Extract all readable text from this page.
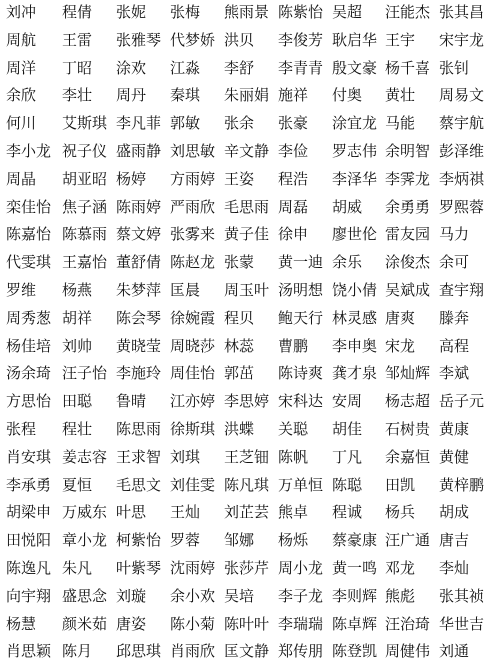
刘冲 程倩 张妮 张梅 熊雨景 陈紫怡 吴超 汪能杰 张其昌
周航 王雷 张雅琴 代梦娇 洪贝 李俊芳 耿启华 王宇 宋宇龙
周洋 丁昭 涂欢 江淼 李舒 李青青 殷文豪 杨千喜 张钊
余欣 李壮 周丹 秦琪 朱丽娟 施祥 付奥 黄壮 周易文
何川 艾斯琪 李凡菲 郭敏 张余 张豪 涂宜龙 马能 蔡宇航
李小龙 祝子仪 盛雨静 刘思敏 辛文静 李俭 罗志伟 余明智 彭泽维
周晶 胡亚昭 杨婷 方雨婷 王姿 程浩 李泽华 李霁龙 李炳祺
栾佳怡 焦子涵 陈雨婷 严雨欣 毛思雨 周磊 胡威 余勇勇 罗熙蓉
陈嘉怡 陈慕雨 蔡文婷 张雾来 黄子佳 徐申 廖世伦 雷友园 马力
代雯琪 王嘉怡 董舒倩 陈赵龙 张蒙 黄一迪 余乐 涂俊杰 余可
罗维 杨燕 朱梦萍 匡晨 周玉叶 汤明想 饶小倩 吴斌成 查宇翔
周秀葱 胡祥 陈会琴 徐婉霞 程贝 鲍天行 林灵感 唐爽 滕奔
杨佳培 刘帅 黄晓莹 周晓莎 林蕊 曹鹏 李申奥 宋龙 高程
汤余琦 汪子怡 李施玲 周佳怡 郭茁 陈诗爽 龚才泉 邹灿辉 李斌
方思怡 田聪 鲁晴 江亦婷 李思婷 宋科达 安周 杨志超 岳子元
张程 程壮 陈思雨 徐斯琪 洪蝶 关聪 胡佳 石树贵 黄康
肖安琪 姜志容 王求智 刘琪 王芝钿 陈帆 丁凡 余嘉恒 黄健
李承勇 夏恒 毛思文 刘佳雯 陈凡琪 万单恒 陈聪 田凯 黄梓鹏
胡梁申 万威东 叶思 王灿 刘芷芸 熊卓 程诚 杨兵 胡成
田悦阳 章小龙 柯紫怡 罗蓉 邹娜 杨烁 蔡豪康 汪广通 唐吉
陈逸凡 朱凡 叶紫琴 沈雨婷 张莎芹 周小龙 黄一鸣 邓龙 李灿
向宇翔 盛思念 刘璇 余小欢 吴培 李子龙 李则辉 熊彪 张其祯
杨慧 颜米茹 唐姿 陈小菊 陈叶叶 李瑞瑞 陈卓辉 汪治琦 华世吉
肖思颖 陈月 邱思琪 肖雨欣 匡文静 郑传朋 陈登凯 周健伟 刘通
